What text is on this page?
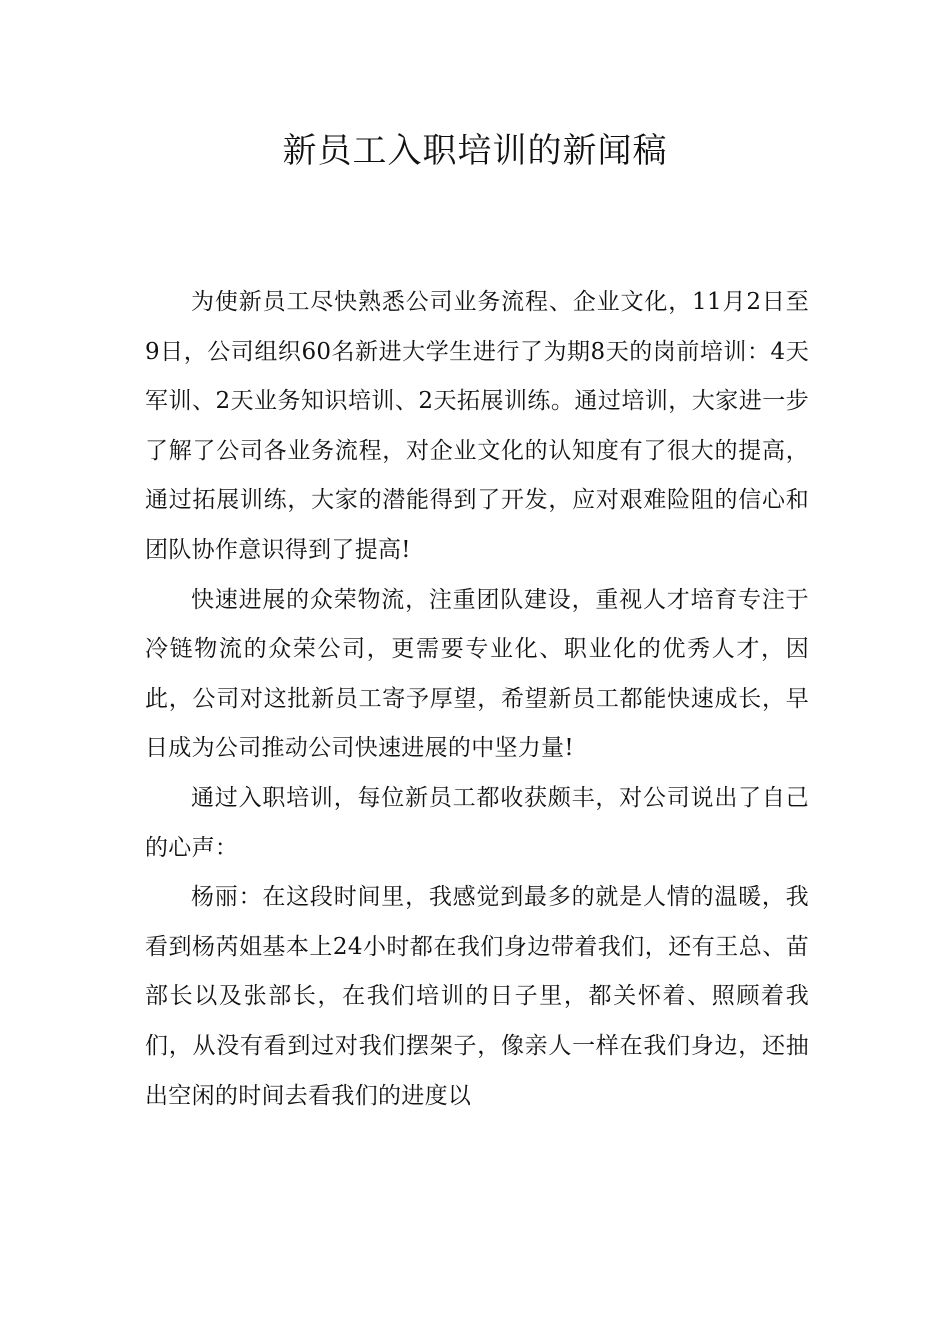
新员工入职培训的新闻稿

为使新员工尽快熟悉公司业务流程、企业文化，11月2日至9日，公司组织60名新进大学生进行了为期8天的岗前培训：4天军训、2天业务知识培训、2天拓展训练。通过培训，大家进一步了解了公司各业务流程，对企业文化的认知度有了很大的提高，通过拓展训练，大家的潜能得到了开发，应对艰难险阻的信心和团队协作意识得到了提高!

快速进展的众荣物流，注重团队建设，重视人才培育专注于冷链物流的众荣公司，更需要专业化、职业化的优秀人才，因此，公司对这批新员工寄予厚望，希望新员工都能快速成长，早日成为公司推动公司快速进展的中坚力量!

通过入职培训，每位新员工都收获颇丰，对公司说出了自己的心声：

杨丽：在这段时间里，我感觉到最多的就是人情的温暖，我看到杨芮姐基本上24小时都在我们身边带着我们，还有王总、苗部长以及张部长，在我们培训的日子里，都关怀着、照顾着我们，从没有看到过对我们摆架子，像亲人一样在我们身边，还抽出空闲的时间去看我们的进度以
